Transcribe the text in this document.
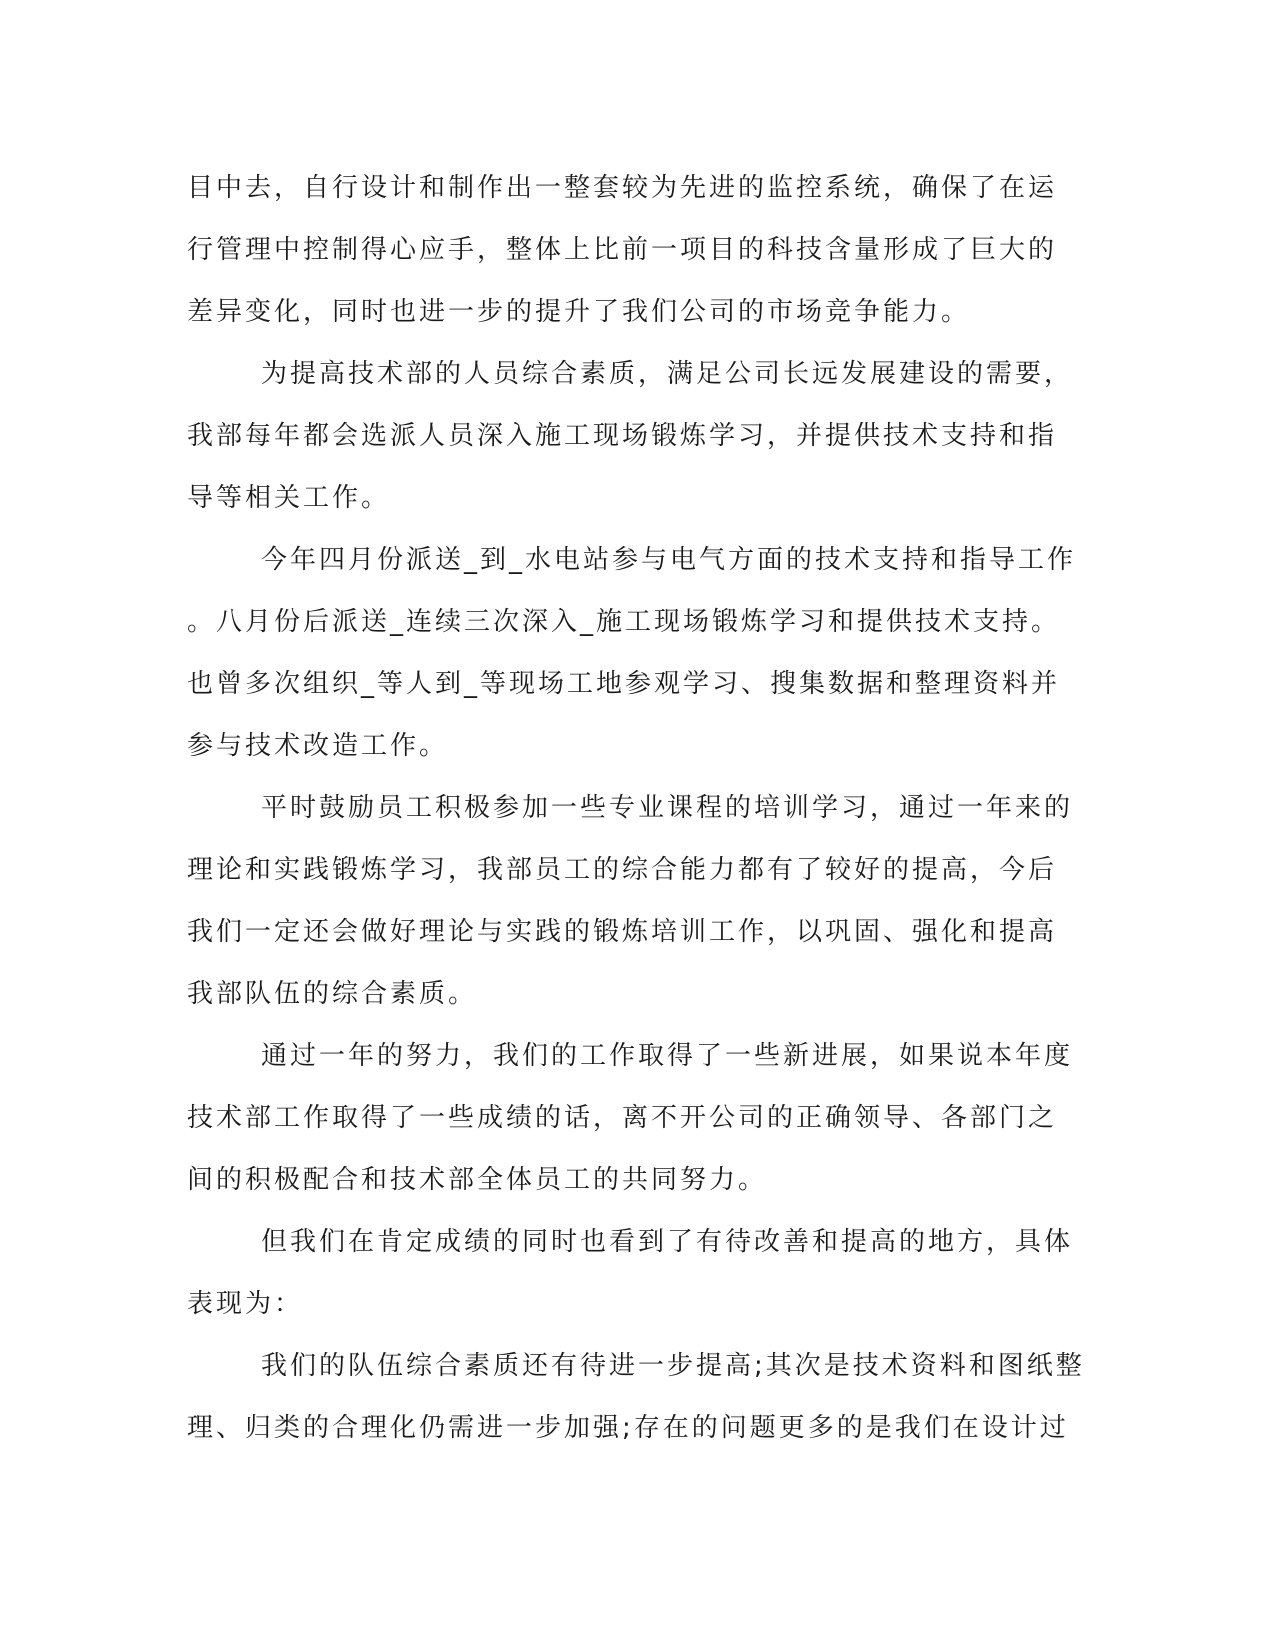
目中去，自行设计和制作出一整套较为先进的监控系统，确保了在运
行管理中控制得心应手，整体上比前一项目的科技含量形成了巨大的
差异变化，同时也进一步的提升了我们公司的市场竞争能力。
为提高技术部的人员综合素质，满足公司长远发展建设的需要，
我部每年都会选派人员深入施工现场锻炼学习，并提供技术支持和指
导等相关工作。
今年四月份派送_到_水电站参与电气方面的技术支持和指导工作
。八月份后派送_连续三次深入_施工现场锻炼学习和提供技术支持。
也曾多次组织_等人到_等现场工地参观学习、搜集数据和整理资料并
参与技术改造工作。
平时鼓励员工积极参加一些专业课程的培训学习，通过一年来的
理论和实践锻炼学习，我部员工的综合能力都有了较好的提高，今后
我们一定还会做好理论与实践的锻炼培训工作，以巩固、强化和提高
我部队伍的综合素质。
通过一年的努力，我们的工作取得了一些新进展，如果说本年度
技术部工作取得了一些成绩的话，离不开公司的正确领导、各部门之
间的积极配合和技术部全体员工的共同努力。
但我们在肯定成绩的同时也看到了有待改善和提高的地方，具体
表现为：
我们的队伍综合素质还有待进一步提高;其次是技术资料和图纸整
理、归类的合理化仍需进一步加强;存在的问题更多的是我们在设计过
